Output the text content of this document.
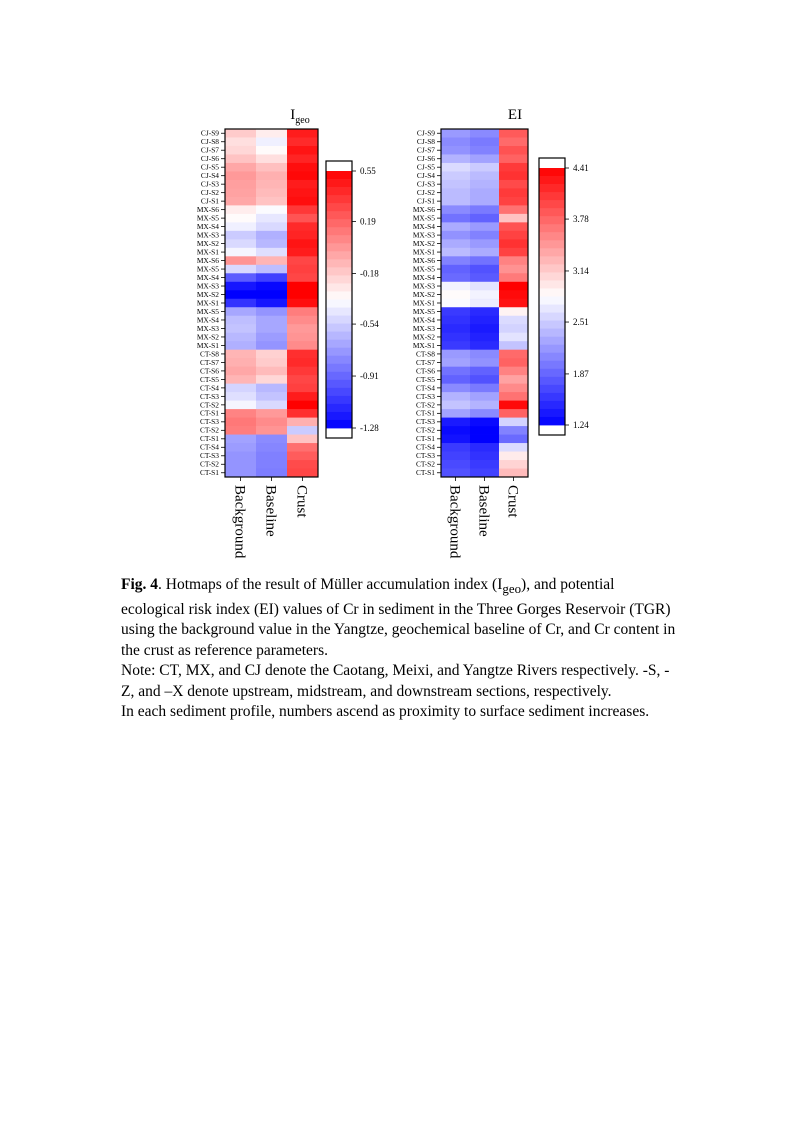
$I_{geo}$
CJ-S9
CJ-S8
CJ-S7
CJ-S6
CJ-S5
CJ-S4
CJ-S3
CJ-S2
CJ-S1
MX-S6
MX-S5
MX-S4
MX-S3
MX-S2
MX-S1
MX-S6
MX-S5
MX-S4
MX-S3
MX-S2
MX-S1
MX-S5
MX-S4
MX-S3
MX-S2
MX-S1
CT-S8
CT-S7
CT-S6
CT-S5
CT-S4
CT-S3
CT-S2
CT-S1
CT-S3
CT-S2
CT-S1
CT-S4
CT-S3
CT-S2
CT-S1
Background Baseline Crust
0.55
0.19
-0.18
-0.54
-0.91
-1.28
EI
CJ-S9
CJ-S8
CJ-S7
CJ-S6
CJ-S5
CJ-S4
CJ-S3
CJ-S2
CJ-S1
MX-S6
MX-S5
MX-S4
MX-S3
MX-S2
MX-S1
MX-S6
MX-S5
MX-S4
MX-S3
MX-S2
MX-S1
MX-S5
MX-S4
MX-S3
MX-S2
MX-S1
CT-S8
CT-S7
CT-S6
CT-S5
CT-S4
CT-S3
CT-S2
CT-S1
CT-S3
CT-S2
CT-S1
CT-S4
CT-S3
CT-S2
CT-S1
Background Baseline Crust
4.41
3.78
3.14
2.51
1.87
1.24

Fig. 4. Hotmaps of the result of Müller accumulation index $(I_{geo})$, and potential ecological risk index (EI) values of Cr in sediment in the Three Gorges Reservoir (TGR) using the background value in the Yangtze, geochemical baseline of Cr, and Cr content in the crust as reference parameters.

Note: CT, MX, and CJ denote the Caotang, Meixi, and Yangtze Rivers respectively. -S, -Z, and –X denote upstream, midstream, and downstream sections, respectively.

In each sediment profile, numbers ascend as proximity to surface sediment increases.
